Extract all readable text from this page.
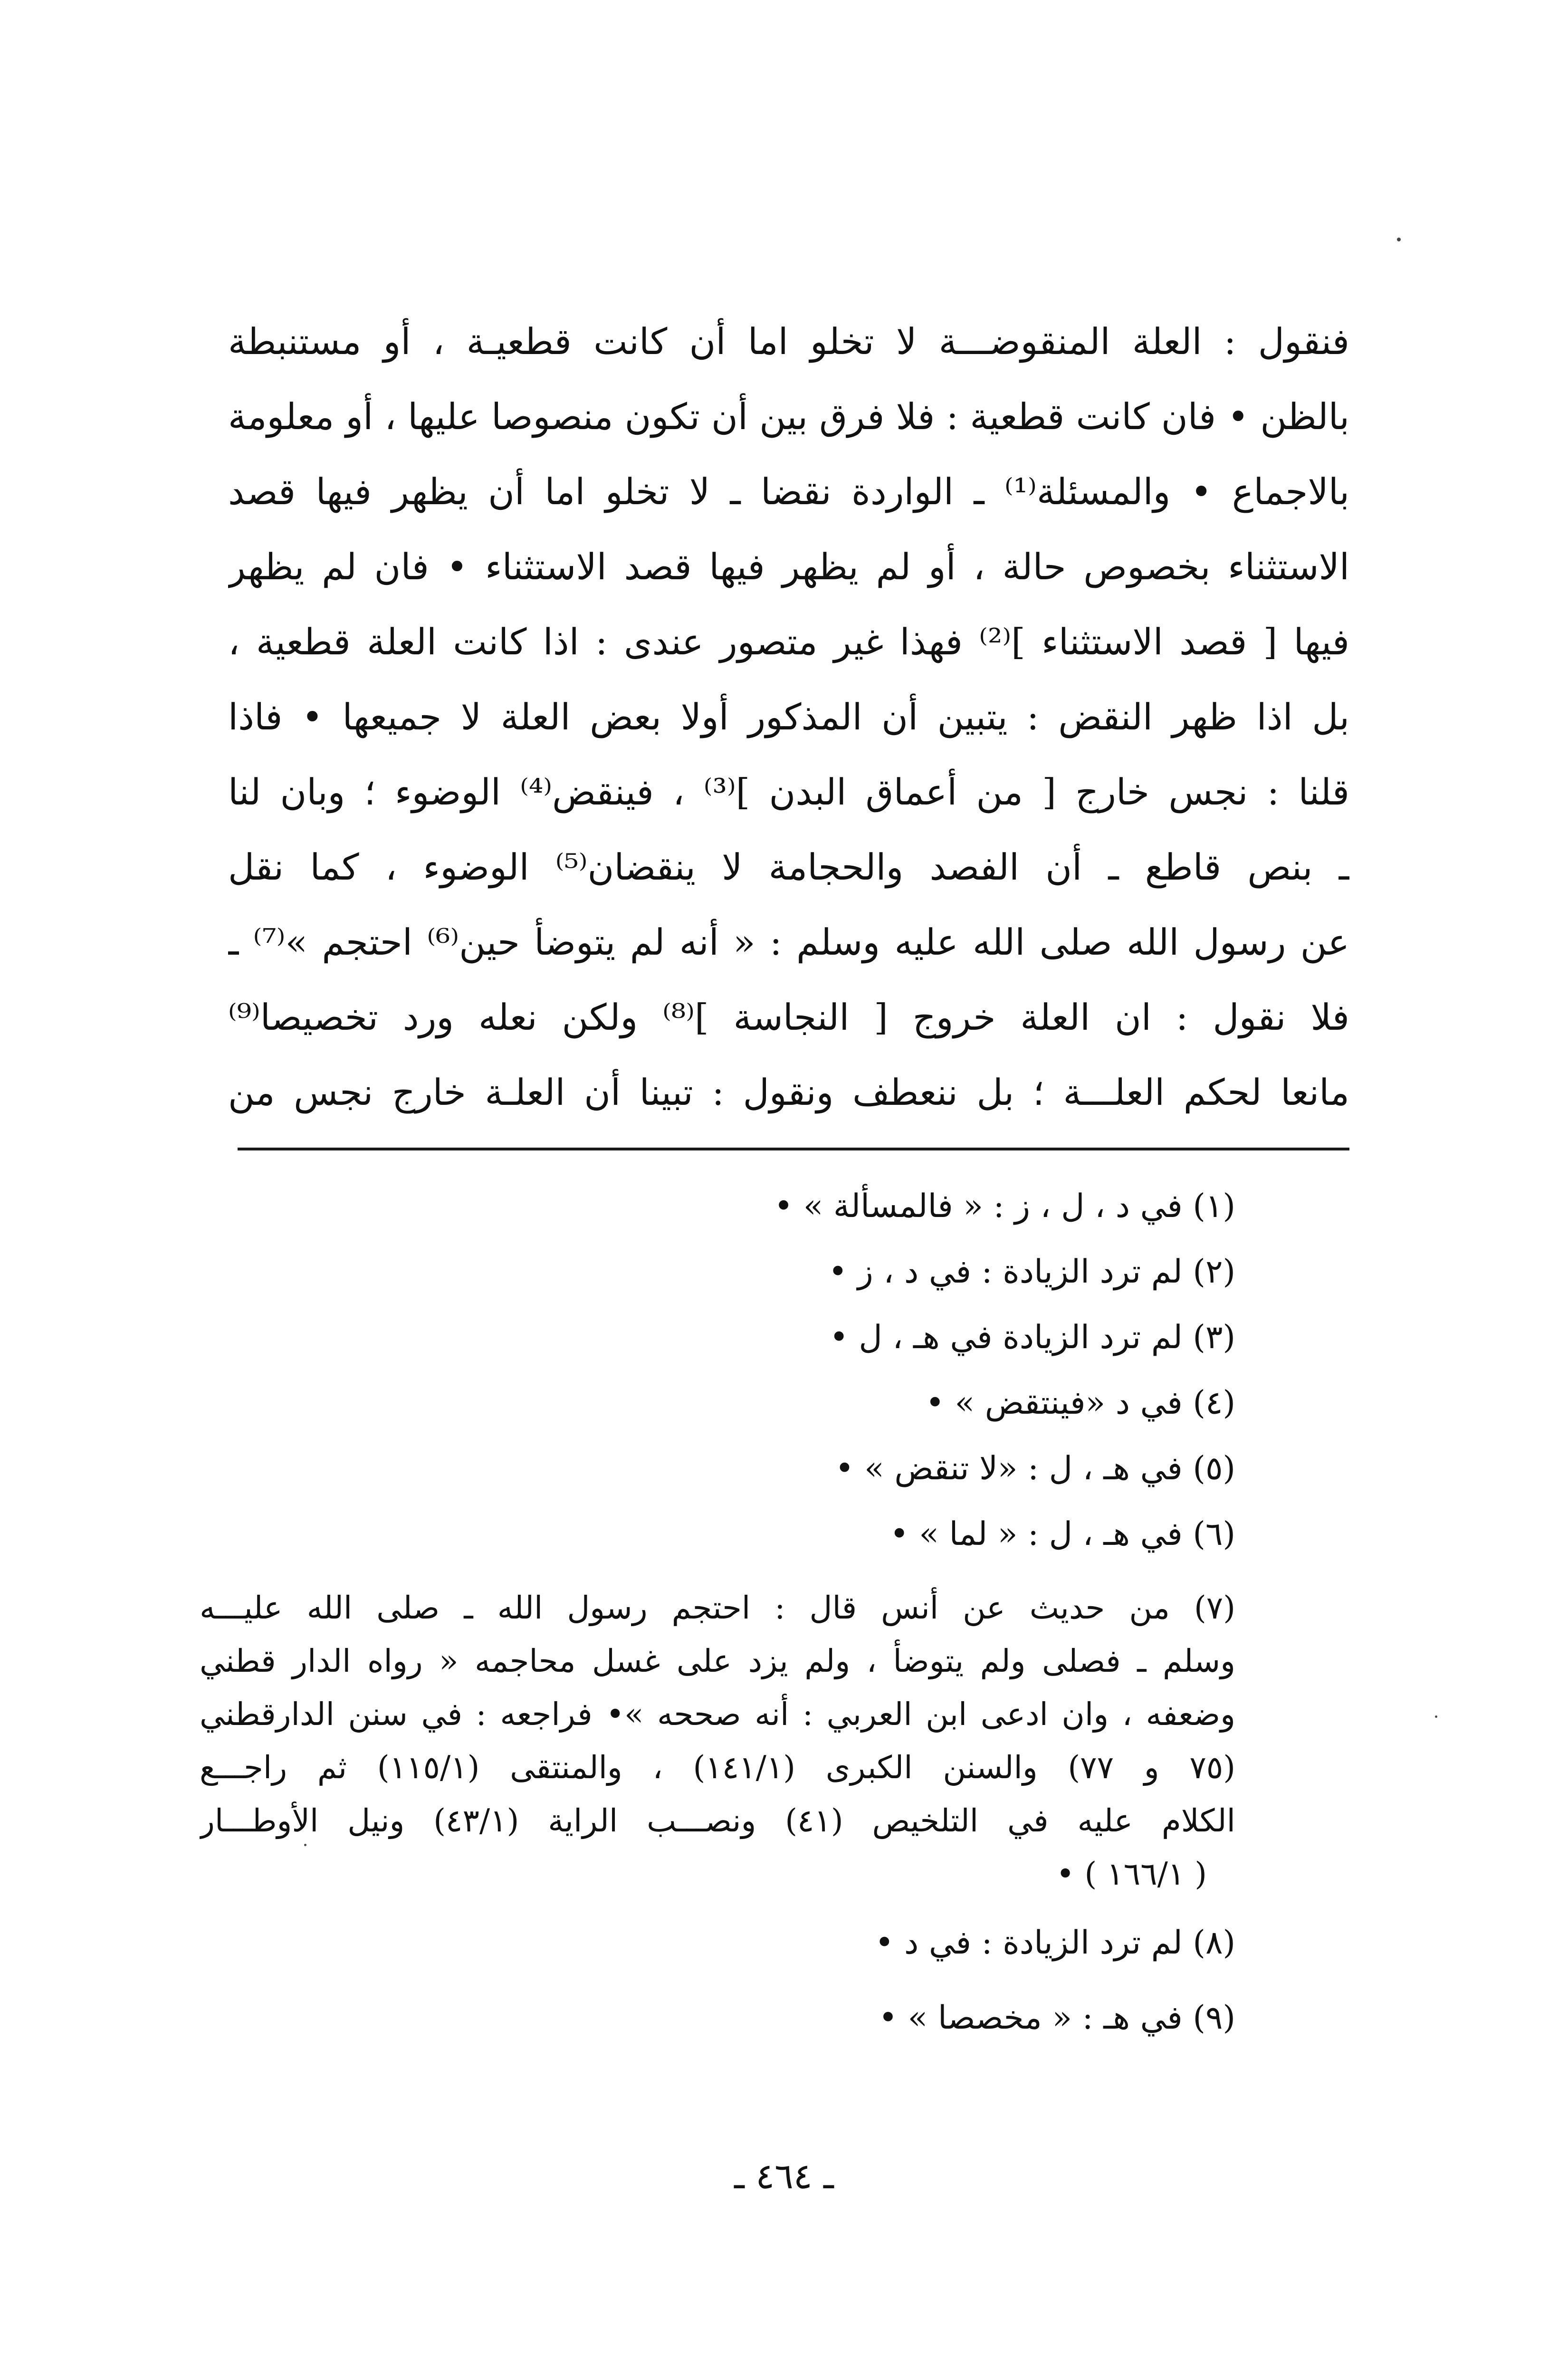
فنقول : العلة المنقوضـــة لا تخلو اما أن كانت قطعيـة ، أو مستنبطة
بالظن • فان كانت قطعية : فلا فرق بين أن تكون منصوصا عليها ، أو معلومة
بالاجماع • والمسئلة⁽¹⁾ ـ الواردة نقضا ـ لا تخلو اما أن يظهر فيها قصد
الاستثناء بخصوص حالة ، أو لم يظهر فيها قصد الاستثناء • فان لم يظهر
فيها [ قصد الاستثناء ]⁽²⁾ فهذا غير متصور عندى : اذا كانت العلة قطعية ،
بل اذا ظهر النقض : يتبين أن المذكور أولا بعض العلة لا جميعها • فاذا
قلنا : نجس خارج [ من أعماق البدن ]⁽³⁾ ، فينقض⁽⁴⁾ الوضوء ؛ وبان لنا
ـ بنص قاطع ـ أن الفصد والحجامة لا ينقضان⁽⁵⁾ الوضوء ، كما نقل
عن رسول الله صلى الله عليه وسلم : « أنه لم يتوضأ حين⁽⁶⁾ احتجم »⁽⁷⁾ ـ
فلا نقول : ان العلة خروج [ النجاسة ]⁽⁸⁾ ولكن نعله ورد تخصيصا⁽⁹⁾
مانعا لحكم العلـــة ؛ بل ننعطف ونقول : تبينا أن العلـة خارج نجس من
(١) في د ، ل ، ز : « فالمسألة » •
(٢) لم ترد الزيادة : في د ، ز •
(٣) لم ترد الزيادة في هـ ، ل •
(٤) في د «فينتقض » •
(٥) في هـ ، ل : «لا تنقض » •
(٦) في هـ ، ل : « لما » •
(٧) من حديث عن أنس قال : احتجم رسول الله ـ صلى الله عليـــه
وسلم ـ فصلى ولم يتوضأ ، ولم يزد على غسل محاجمه « رواه الدار قطني
وضعفه ، وان ادعى ابن العربي : أنه صححه »• فراجعه : في سنن الدارقطني
(٧٥ و ٧٧) والسنن الكبرى (١٤١/١) ، والمنتقى (١١٥/١) ثم راجـــع
الكلام عليه في التلخيص (٤١) ونصـــب الراية (٤٣/١) ونيل الأوطـــار
( ١٦٦/١ ) •
(٨) لم ترد الزيادة : في د •
(٩) في هـ : « مخصصا » •
ـ ٤٦٤ ـ
